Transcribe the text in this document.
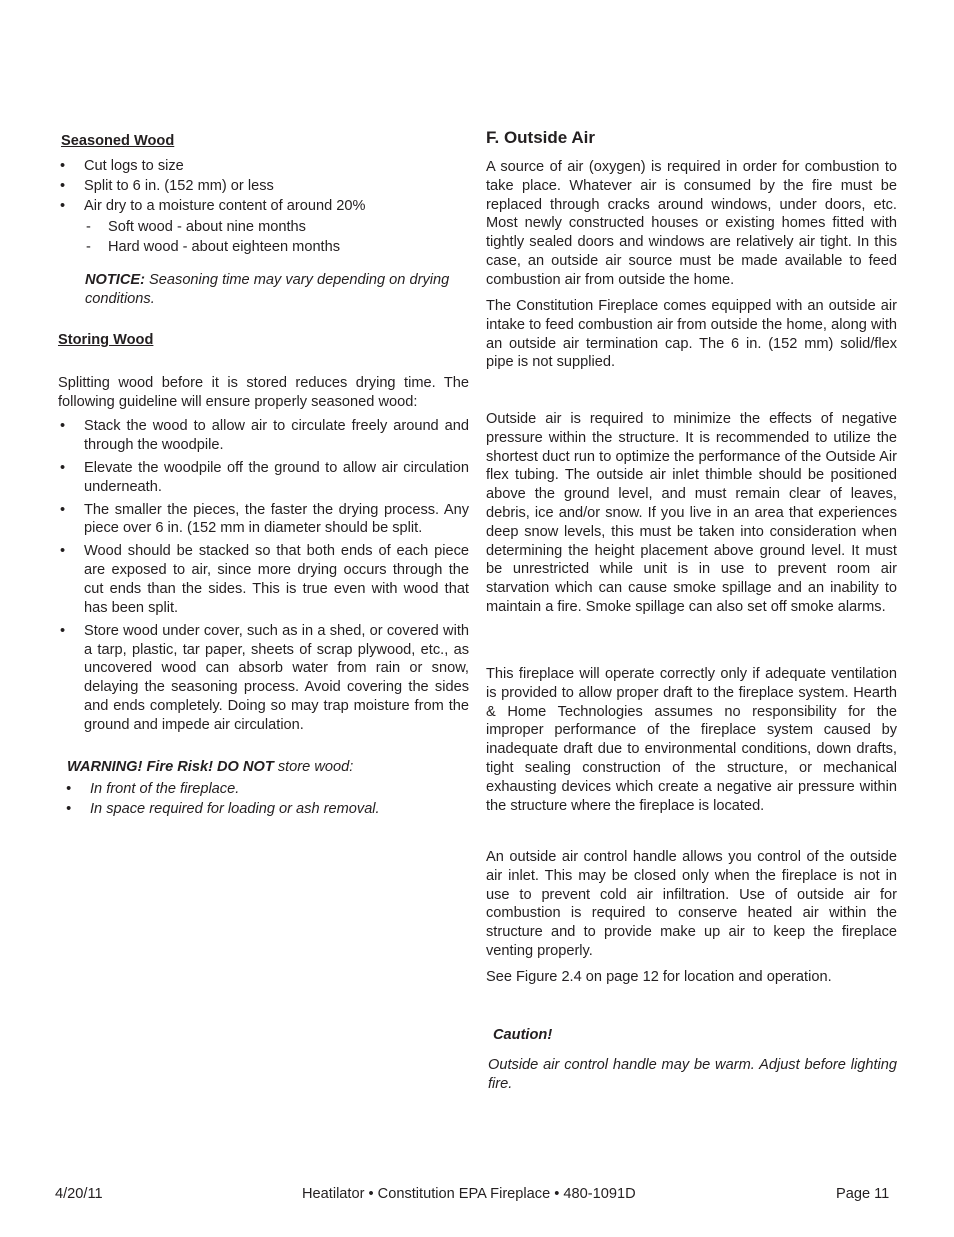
Seasoned Wood
• Cut logs to size
• Split to 6 in. (152 mm) or less
• Air dry to a moisture content of around 20%
- Soft wood - about nine months
- Hard wood - about eighteen months
NOTICE: Seasoning time may vary depending on drying conditions.
Storing Wood

Splitting wood before it is stored reduces drying time. The following guideline will ensure properly seasoned wood:

• Stack the wood to allow air to circulate freely around and through the woodpile.
• Elevate the woodpile off the ground to allow air circulation underneath.
• The smaller the pieces, the faster the drying process. Any piece over 6 in. (152 mm in diameter should be split.
• Wood should be stacked so that both ends of each piece are exposed to air, since more drying occurs through the cut ends than the sides. This is true even with wood that has been split.
• Store wood under cover, such as in a shed, or covered with a tarp, plastic, tar paper, sheets of scrap plywood, etc., as uncovered wood can absorb water from rain or snow, delaying the seasoning process. Avoid covering the sides and ends completely. Doing so may trap moisture from the ground and impede air circulation.
WARNING! Fire Risk! DO NOT store wood:
• In front of the fireplace.
• In space required for loading or ash removal.
F. Outside Air

A source of air (oxygen) is required in order for combustion to take place. Whatever air is consumed by the fire must be replaced through cracks around windows, under doors, etc. Most newly constructed houses or existing homes fitted with tightly sealed doors and windows are relatively air tight. In this case, an outside air source must be made available to feed combustion air from outside the home.

The Constitution Fireplace comes equipped with an outside air intake to feed combustion air from outside the home, along with an outside air termination cap. The 6 in. (152 mm) solid/flex pipe is not supplied.

Outside air is required to minimize the effects of negative pressure within the structure. It is recommended to utilize the shortest duct run to optimize the performance of the Outside Air flex tubing. The outside air inlet thimble should be positioned above the ground level, and must remain clear of leaves, debris, ice and/or snow. If you live in an area that experiences deep snow levels, this must be taken into consideration when determining the height placement above ground level. It must be unrestricted while unit is in use to prevent room air starvation which can cause smoke spillage and an inability to maintain a fire. Smoke spillage can also set off smoke alarms.

This fireplace will operate correctly only if adequate ventilation is provided to allow proper draft to the fireplace system. Hearth & Home Technologies assumes no responsibility for the improper performance of the fireplace system caused by inadequate draft due to environmental conditions, down drafts, tight sealing construction of the structure, or mechanical exhausting devices which create a negative air pressure within the structure where the fireplace is located.

An outside air control handle allows you control of the outside air inlet. This may be closed only when the fireplace is not in use to prevent cold air infiltration. Use of outside air for combustion is required to conserve heated air within the structure and to provide make up air to keep the fireplace venting properly.

See Figure 2.4 on page 12 for location and operation.

Caution!

Outside air control handle may be warm. Adjust before lighting fire.

4/20/11	Heatilator • Constitution EPA Fireplace • 480-1091D	Page 11
